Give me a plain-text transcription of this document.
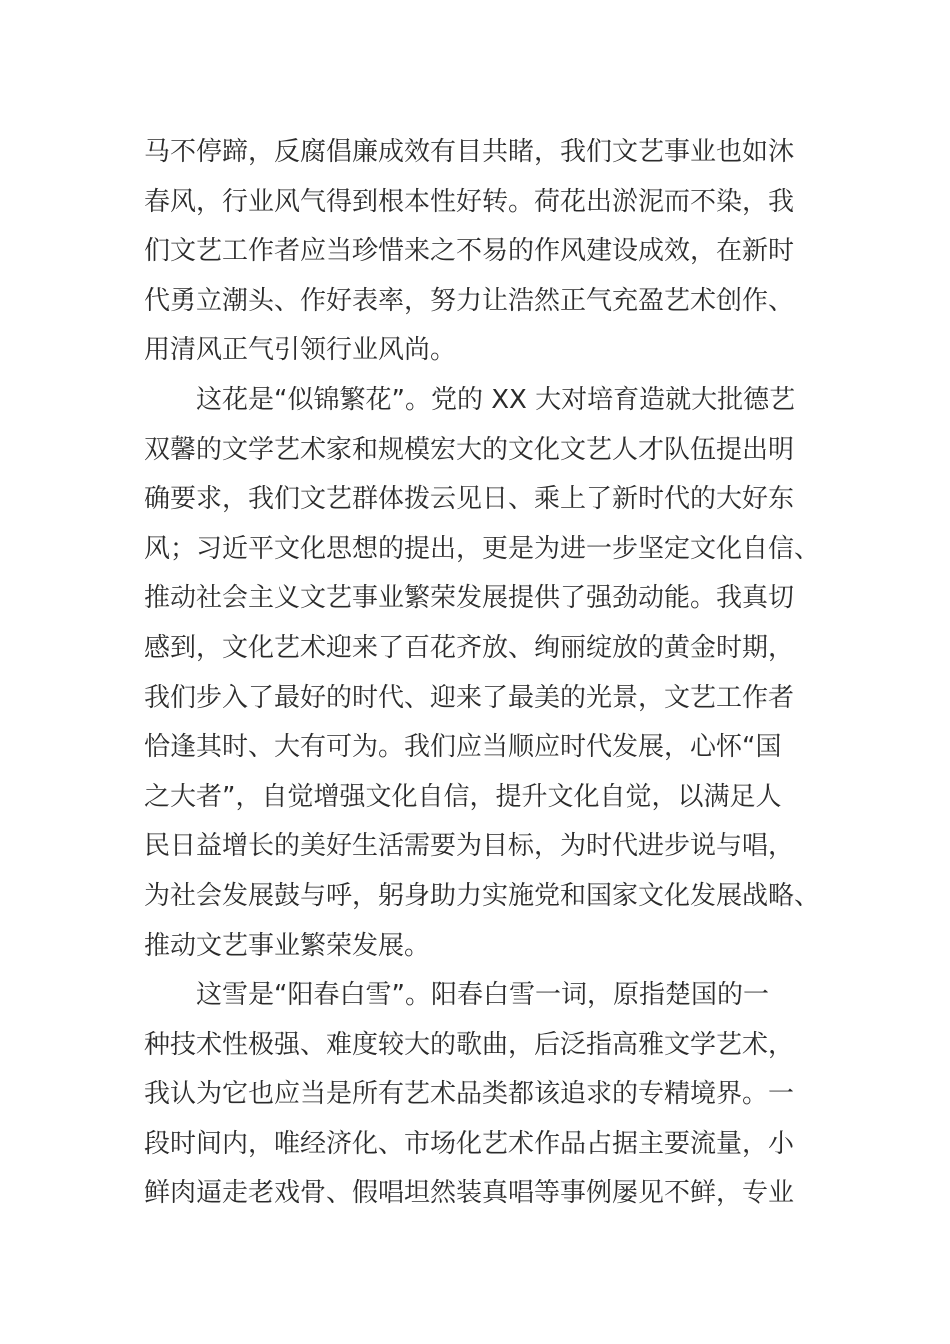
马不停蹄，反腐倡廉成效有目共睹，我们文艺事业也如沐
春风，行业风气得到根本性好转。荷花出淤泥而不染，我
们文艺工作者应当珍惜来之不易的作风建设成效，在新时
代勇立潮头、作好表率，努力让浩然正气充盈艺术创作、
用清风正气引领行业风尚。
这花是“似锦繁花”。党的 XX 大对培育造就大批德艺
双馨的文学艺术家和规模宏大的文化文艺人才队伍提出明
确要求，我们文艺群体拨云见日、乘上了新时代的大好东
风；习近平文化思想的提出，更是为进一步坚定文化自信、
推动社会主义文艺事业繁荣发展提供了强劲动能。我真切
感到，文化艺术迎来了百花齐放、绚丽绽放的黄金时期，
我们步入了最好的时代、迎来了最美的光景，文艺工作者
恰逢其时、大有可为。我们应当顺应时代发展，心怀“国
之大者”，自觉增强文化自信，提升文化自觉，以满足人
民日益增长的美好生活需要为目标，为时代进步说与唱，
为社会发展鼓与呼，躬身助力实施党和国家文化发展战略、
推动文艺事业繁荣发展。
这雪是“阳春白雪”。阳春白雪一词，原指楚国的一
种技术性极强、难度较大的歌曲，后泛指高雅文学艺术，
我认为它也应当是所有艺术品类都该追求的专精境界。一
段时间内，唯经济化、市场化艺术作品占据主要流量，小
鲜肉逼走老戏骨、假唱坦然装真唱等事例屡见不鲜，专业
